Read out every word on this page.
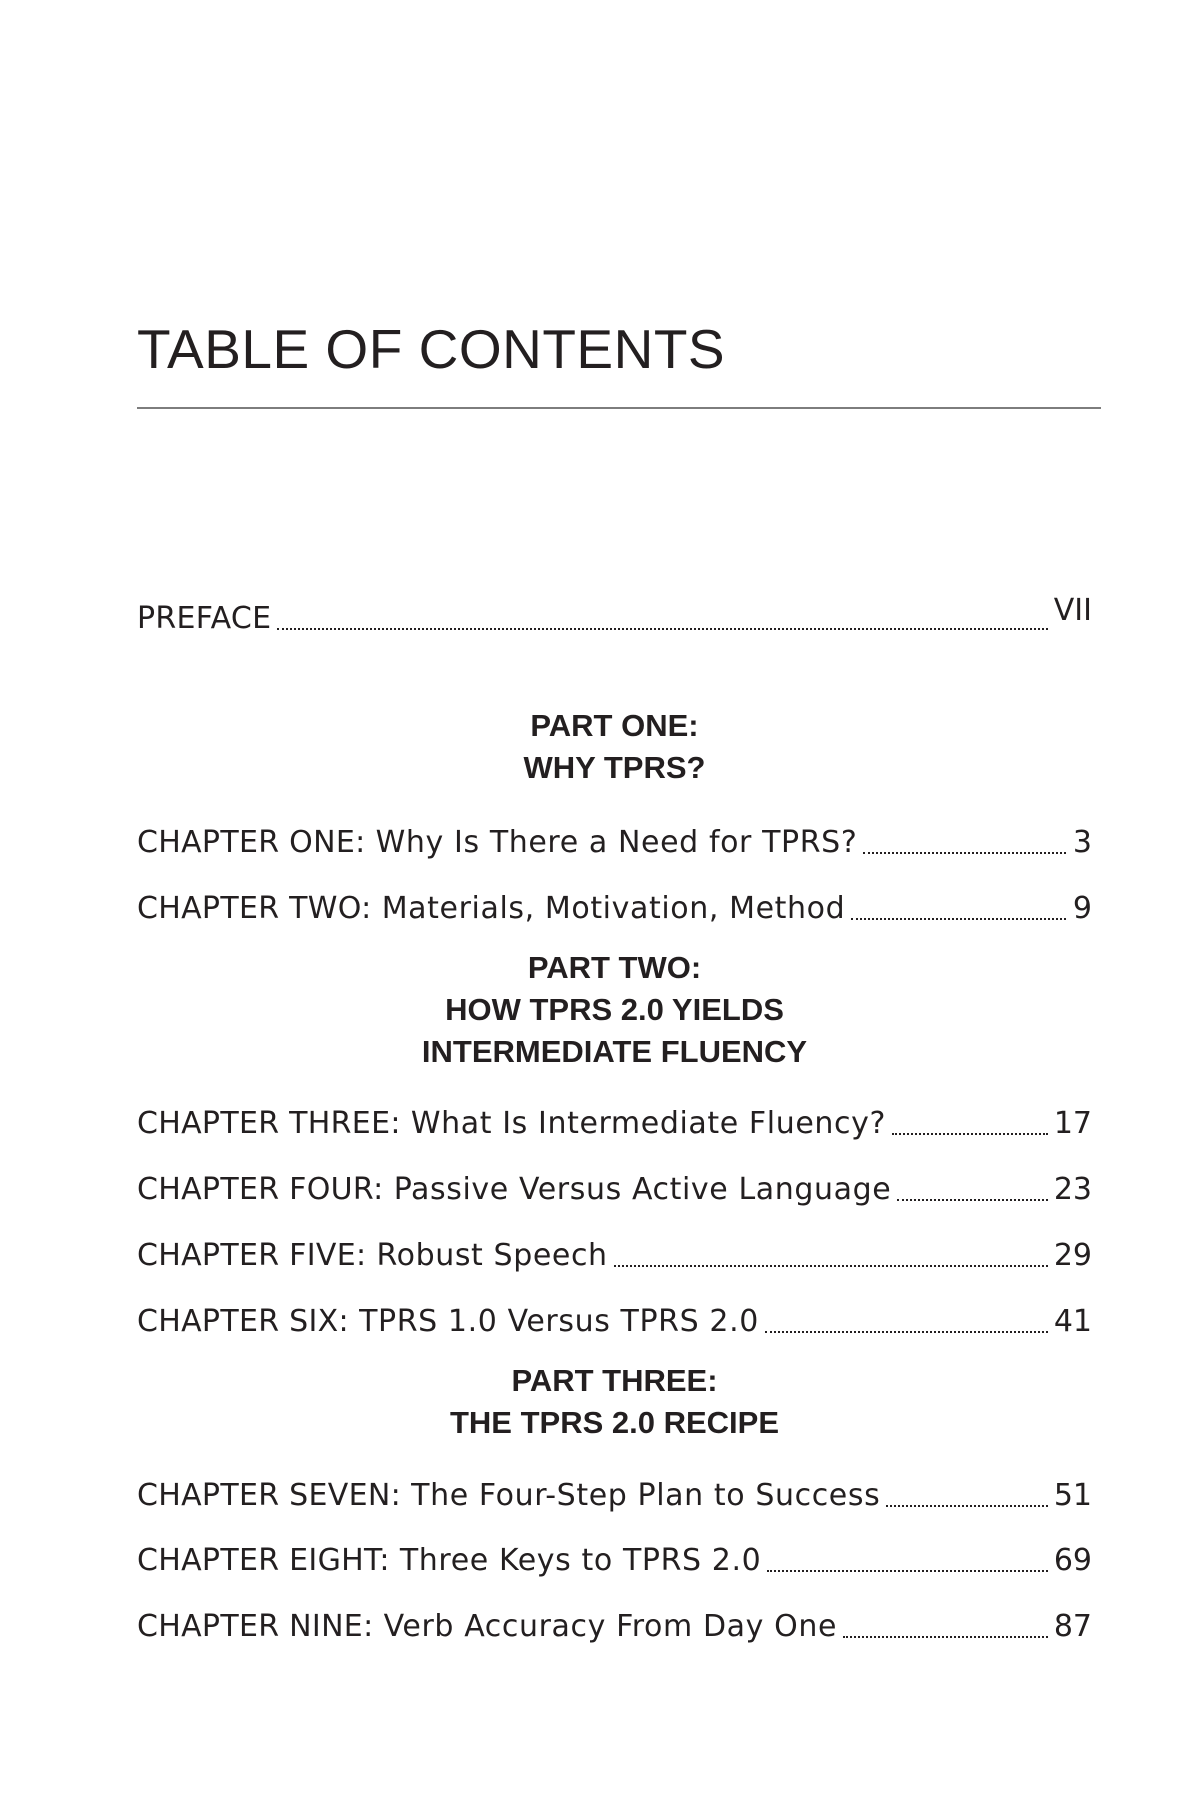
TABLE OF CONTENTS
PREFACE	VII
PART ONE:
WHY TPRS?
CHAPTER ONE: Why Is There a Need for TPRS?	3
CHAPTER TWO: Materials, Motivation, Method	9
PART TWO:
HOW TPRS 2.0 YIELDS
INTERMEDIATE FLUENCY
CHAPTER THREE: What Is Intermediate Fluency?	17
CHAPTER FOUR: Passive Versus Active Language	23
CHAPTER FIVE: Robust Speech	29
CHAPTER SIX: TPRS 1.0 Versus TPRS 2.0	41
PART THREE:
THE TPRS 2.0 RECIPE
CHAPTER SEVEN: The Four-Step Plan to Success	51
CHAPTER EIGHT: Three Keys to TPRS 2.0	69
CHAPTER NINE: Verb Accuracy From Day One	87
